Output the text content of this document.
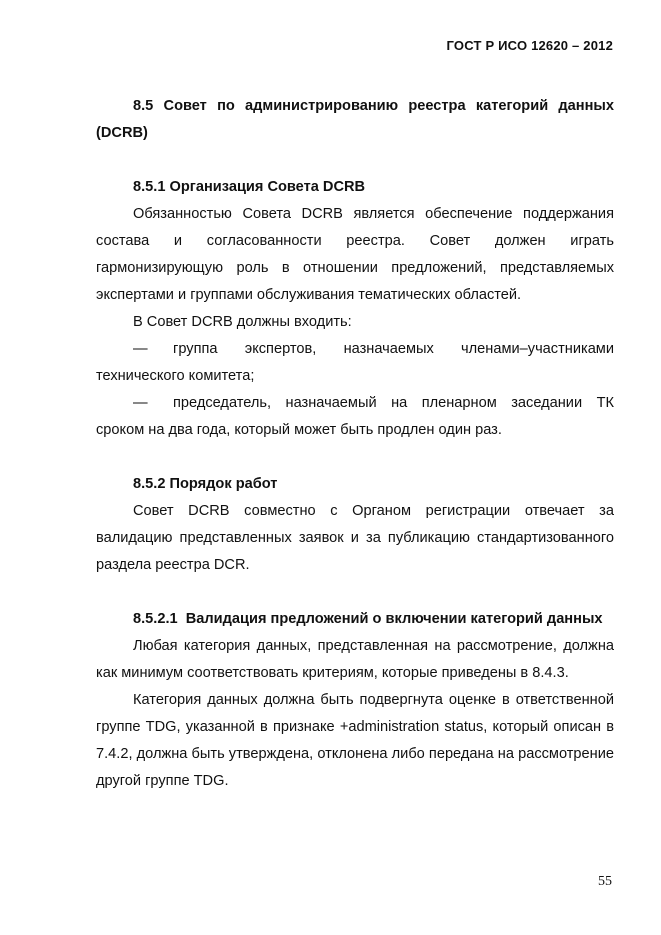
ГОСТ Р ИСО 12620 – 2012

8.5 Совет по администрированию реестра категорий данных (DCRB)

8.5.1 Организация Совета DCRB

Обязанностью Совета DCRB является обеспечение поддержания состава и согласованности реестра. Совет должен играть гармонизирующую роль в отношении предложений, представляемых экспертами и группами обслуживания тематических областей.

В Совет DCRB должны входить:

— группа экспертов, назначаемых членами–участниками технического комитета;

— председатель, назначаемый на пленарном заседании ТК сроком на два года, который может быть продлен один раз.

8.5.2 Порядок работ

Совет DCRB совместно с Органом регистрации отвечает за валидацию представленных заявок и за публикацию стандартизованного раздела реестра DCR.

8.5.2.1 Валидация предложений о включении категорий данных

Любая категория данных, представленная на рассмотрение, должна как минимум соответствовать критериям, которые приведены в 8.4.3.

Категория данных должна быть подвергнута оценке в ответственной группе TDG, указанной в признаке +administration status, который описан в 7.4.2, должна быть утверждена, отклонена либо передана на рассмотрение другой группе TDG.

55
